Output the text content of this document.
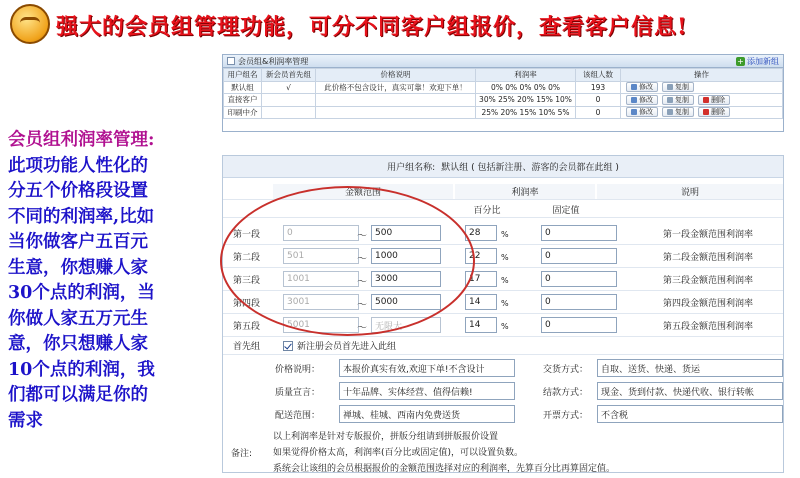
强大的会员组管理功能，可分不同客户组报价，查看客户信息!
会员组利润率管理:
此项功能人性化的
分五个价格段设置
不同的利润率,比如
当你做客户五百元
生意，你想赚人家
30个点的利润，当
你做人家五万元生
意，你只想赚人家
10个点的利润，我
们都可以满足你的
需求
会员组&利润率管理	+ 添加新组
用户组名	新会员首先组	价格说明	利润率	该组人数	操作
默认组	√	此价格不包含设计，真实可靠！欢迎下单！	0% 0% 0% 0% 0%	193	修改 复制

直接客户			30% 25% 20% 15% 10%	0	修改 复制 删除

印刷中介			25% 20% 15% 10% 5%	0	修改 复制 删除
用户组名称: 默认组 ( 包括新注册、游客的会员都在此组 )
金额范围	利润率	说明
百分比	固定值
第一段	0	～ 500	28	%	0	第一段金额范围利润率
第二段	501	～ 1000	22	%	0	第二段金额范围利润率
第三段	1001	～ 3000	17	%	0	第三段金额范围利润率
第四段	3001	～ 5000	14	%	0	第四段金额范围利润率
第五段	5001	～ 无限大	14	%	0	第五段金额范围利润率
首先组	新注册会员首先进入此组
价格说明：	本报价真实有效,欢迎下单!不含设计	交货方式：	自取、送货、快递、货运
质量宣言：	十年品牌、实体经营、值得信赖!	结款方式：	现金、货到付款、快递代收、银行转帐
配送范围：	禅城、桂城、西南内免费送货	开票方式：	不含税
备注:
以上利润率是针对专版报价，拼版分组请到拼版报价设置
如果觉得价格太高，利润率(百分比或固定值)，可以设置负数。
系统会让该组的会员根据报价的金额范围选择对应的利润率，先算百分比再算固定值。
